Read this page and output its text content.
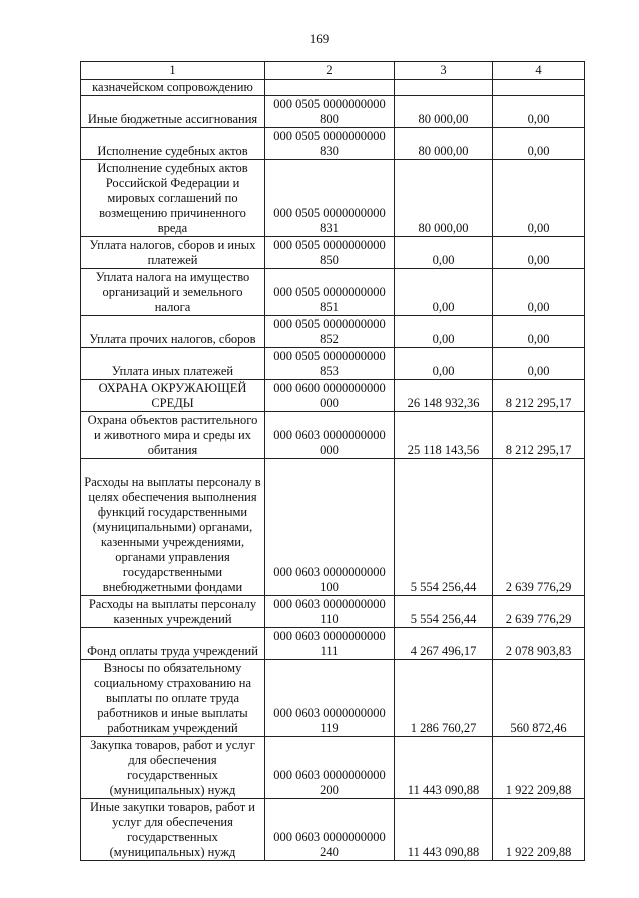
169
1	2	3	4
казначейском сопровождению			
Иные бюджетные ассигнования	000 0505 0000000000 800	80 000,00	0,00
Исполнение судебных актов	000 0505 0000000000 830	80 000,00	0,00
Исполнение судебных актов Российской Федерации и мировых соглашений по возмещению причиненного вреда	000 0505 0000000000 831	80 000,00	0,00
Уплата налогов, сборов и иных платежей	000 0505 0000000000 850	0,00	0,00
Уплата налога на имущество организаций и земельного налога	000 0505 0000000000 851	0,00	0,00
Уплата прочих налогов, сборов	000 0505 0000000000 852	0,00	0,00
Уплата иных платежей	000 0505 0000000000 853	0,00	0,00
ОХРАНА ОКРУЖАЮЩЕЙ СРЕДЫ	000 0600 0000000000 000	26 148 932,36	8 212 295,17
Охрана объектов растительного и животного мира и среды их обитания	000 0603 0000000000 000	25 118 143,56	8 212 295,17
Расходы на выплаты персоналу в целях обеспечения выполнения функций государственными (муниципальными) органами, казенными учреждениями, органами управления государственными внебюджетными фондами	000 0603 0000000000 100	5 554 256,44	2 639 776,29
Расходы на выплаты персоналу казенных учреждений	000 0603 0000000000 110	5 554 256,44	2 639 776,29
Фонд оплаты труда учреждений	000 0603 0000000000 111	4 267 496,17	2 078 903,83
Взносы по обязательному социальному страхованию на выплаты по оплате труда работников и иные выплаты работникам учреждений	000 0603 0000000000 119	1 286 760,27	560 872,46
Закупка товаров, работ и услуг для обеспечения государственных (муниципальных) нужд	000 0603 0000000000 200	11 443 090,88	1 922 209,88
Иные закупки товаров, работ и услуг для обеспечения государственных (муниципальных) нужд	000 0603 0000000000 240	11 443 090,88	1 922 209,88
